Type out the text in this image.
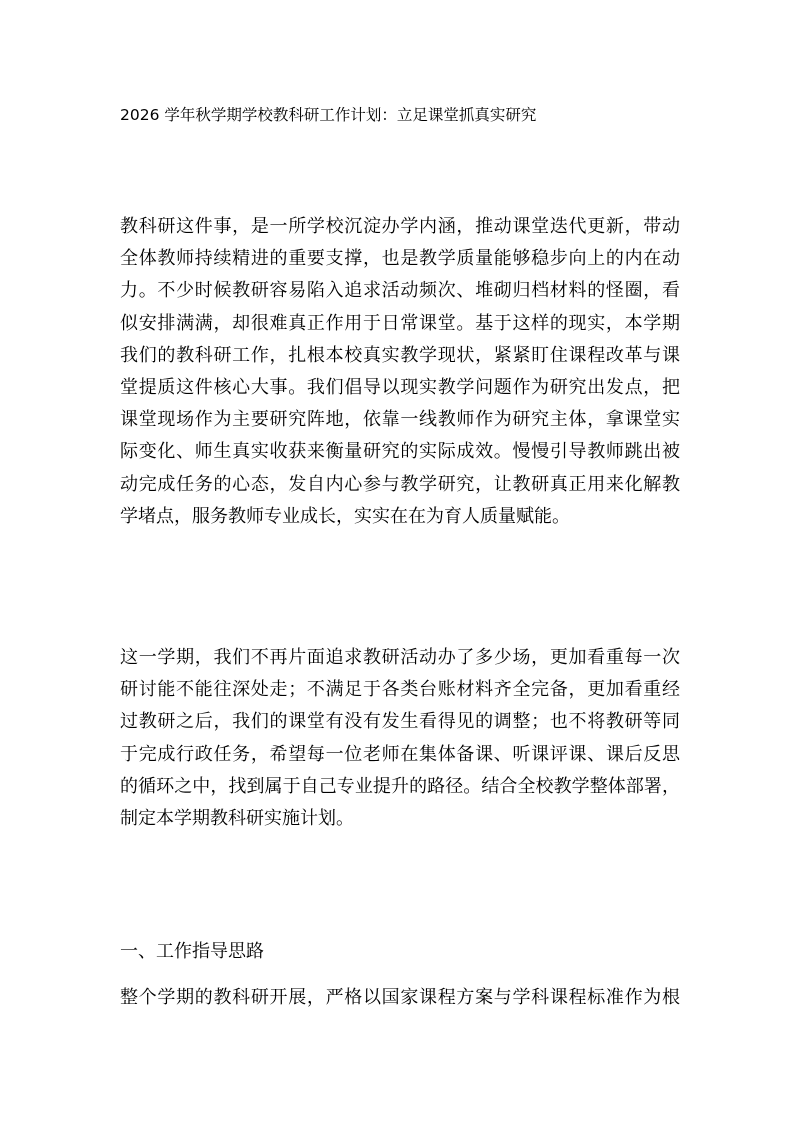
2026 学年秋学期学校教科研工作计划：立足课堂抓真实研究
教科研这件事，是一所学校沉淀办学内涵，推动课堂迭代更新，带动
全体教师持续精进的重要支撑，也是教学质量能够稳步向上的内在动
力。不少时候教研容易陷入追求活动频次、堆砌归档材料的怪圈，看
似安排满满，却很难真正作用于日常课堂。基于这样的现实，本学期
我们的教科研工作，扎根本校真实教学现状，紧紧盯住课程改革与课
堂提质这件核心大事。我们倡导以现实教学问题作为研究出发点，把
课堂现场作为主要研究阵地，依靠一线教师作为研究主体，拿课堂实
际变化、师生真实收获来衡量研究的实际成效。慢慢引导教师跳出被
动完成任务的心态，发自内心参与教学研究，让教研真正用来化解教
学堵点，服务教师专业成长，实实在在为育人质量赋能。
这一学期，我们不再片面追求教研活动办了多少场，更加看重每一次
研讨能不能往深处走；不满足于各类台账材料齐全完备，更加看重经
过教研之后，我们的课堂有没有发生看得见的调整；也不将教研等同
于完成行政任务，希望每一位老师在集体备课、听课评课、课后反思
的循环之中，找到属于自己专业提升的路径。结合全校教学整体部署，
制定本学期教科研实施计划。
一、工作指导思路
整个学期的教科研开展，严格以国家课程方案与学科课程标准作为根
